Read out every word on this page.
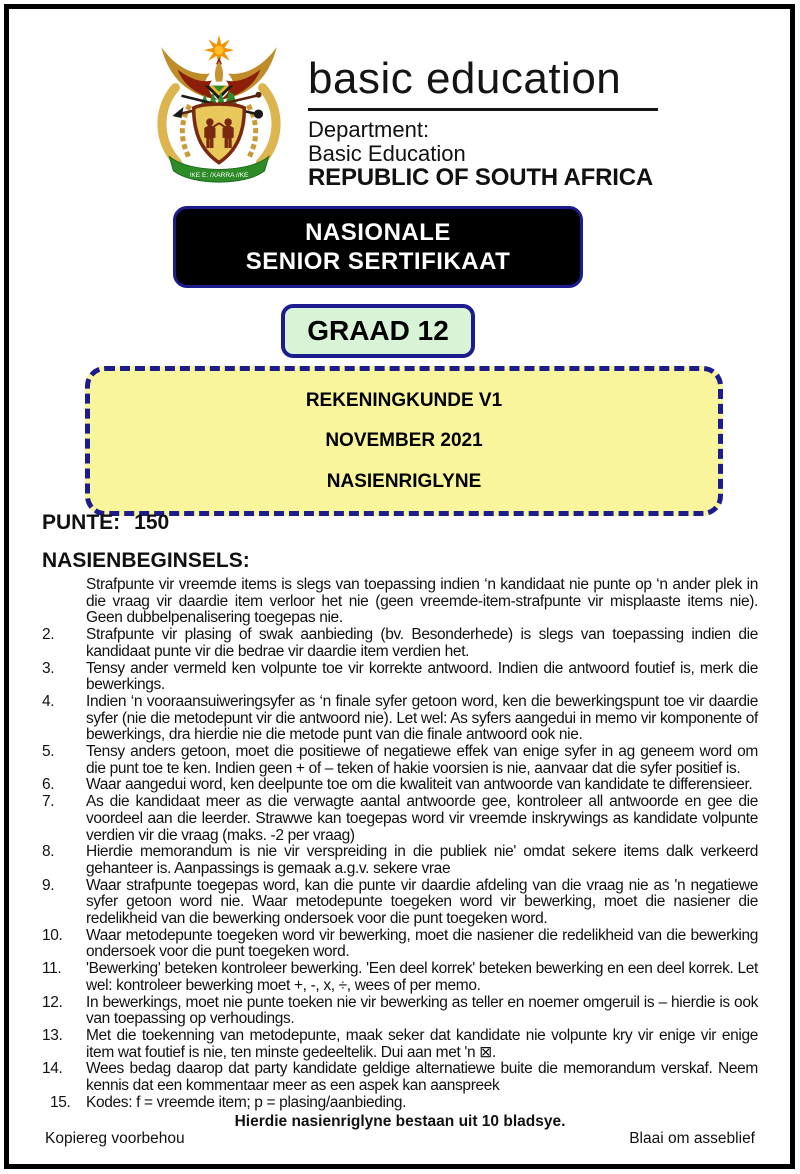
!KE E: /XARRA //KE
basic education
Department:
Basic Education
REPUBLIC OF SOUTH AFRICA
NASIONALE
SENIOR SERTIFIKAAT
GRAAD 12
REKENINGKUNDE V1
NOVEMBER 2021
NASIENRIGLYNE
PUNTE: 150
NASIENBEGINSELS:
Strafpunte vir vreemde items is slegs van toepassing indien ‘n kandidaat nie punte op ‘n ander plek in die vraag vir daardie item verloor het nie (geen vreemde-item-strafpunte vir misplaaste items nie). Geen dubbelpenalisering toegepas nie.
2.	Strafpunte vir plasing of swak aanbieding (bv. Besonderhede) is slegs van toepassing indien die kandidaat punte vir die bedrae vir daardie item verdien het.
3.	Tensy ander vermeld ken volpunte toe vir korrekte antwoord. Indien die antwoord foutief is, merk die bewerkings.
4.	Indien ‘n vooraansuiweringsyfer as ‘n finale syfer getoon word, ken die bewerkingspunt toe vir daardie syfer (nie die metodepunt vir die antwoord nie). Let wel: As syfers aangedui in memo vir komponente of bewerkings, dra hierdie nie die metode punt van die finale antwoord ook nie.
5.	Tensy anders getoon, moet die positiewe of negatiewe effek van enige syfer in ag geneem word om die punt toe te ken. Indien geen + of – teken of hakie voorsien is nie, aanvaar dat die syfer positief is.
6.	Waar aangedui word, ken deelpunte toe om die kwaliteit van antwoorde van kandidate te differensieer.
7.	As die kandidaat meer as die verwagte aantal antwoorde gee, kontroleer all antwoorde en gee die voordeel aan die leerder. Strawwe kan toegepas word vir vreemde inskrywings as kandidate volpunte verdien vir die vraag (maks. -2 per vraag)
8.	Hierdie memorandum is nie vir verspreiding in die publiek nie' omdat sekere items dalk verkeerd gehanteer is. Aanpassings is gemaak a.g.v. sekere vrae
9.	Waar strafpunte toegepas word, kan die punte vir daardie afdeling van die vraag nie as 'n negatiewe syfer getoon word nie. Waar metodepunte toegeken word vir bewerking, moet die nasiener die redelikheid van die bewerking ondersoek voor die punt toegeken word.
10.	Waar metodepunte toegeken word vir bewerking, moet die nasiener die redelikheid van die bewerking ondersoek voor die punt toegeken word.
11.	'Bewerking' beteken kontroleer bewerking. 'Een deel korrek' beteken bewerking en een deel korrek. Let wel: kontroleer bewerking moet +, -, x, ÷, wees of per memo.
12.	In bewerkings, moet nie punte toeken nie vir bewerking as teller en noemer omgeruil is – hierdie is ook van toepassing op verhoudings.
13.	Met die toekenning van metodepunte, maak seker dat kandidate nie volpunte kry vir enige vir enige item wat foutief is nie, ten minste gedeeltelik. Dui aan met 'n ⊠.
14.	Wees bedag daarop dat party kandidate geldige alternatiewe buite die memorandum verskaf. Neem kennis dat een kommentaar meer as een aspek kan aanspreek
15.	Kodes: f = vreemde item; p = plasing/aanbieding.

Hierdie nasienriglyne bestaan uit 10 bladsye.

Kopiereg voorbehou	Blaai om asseblief
